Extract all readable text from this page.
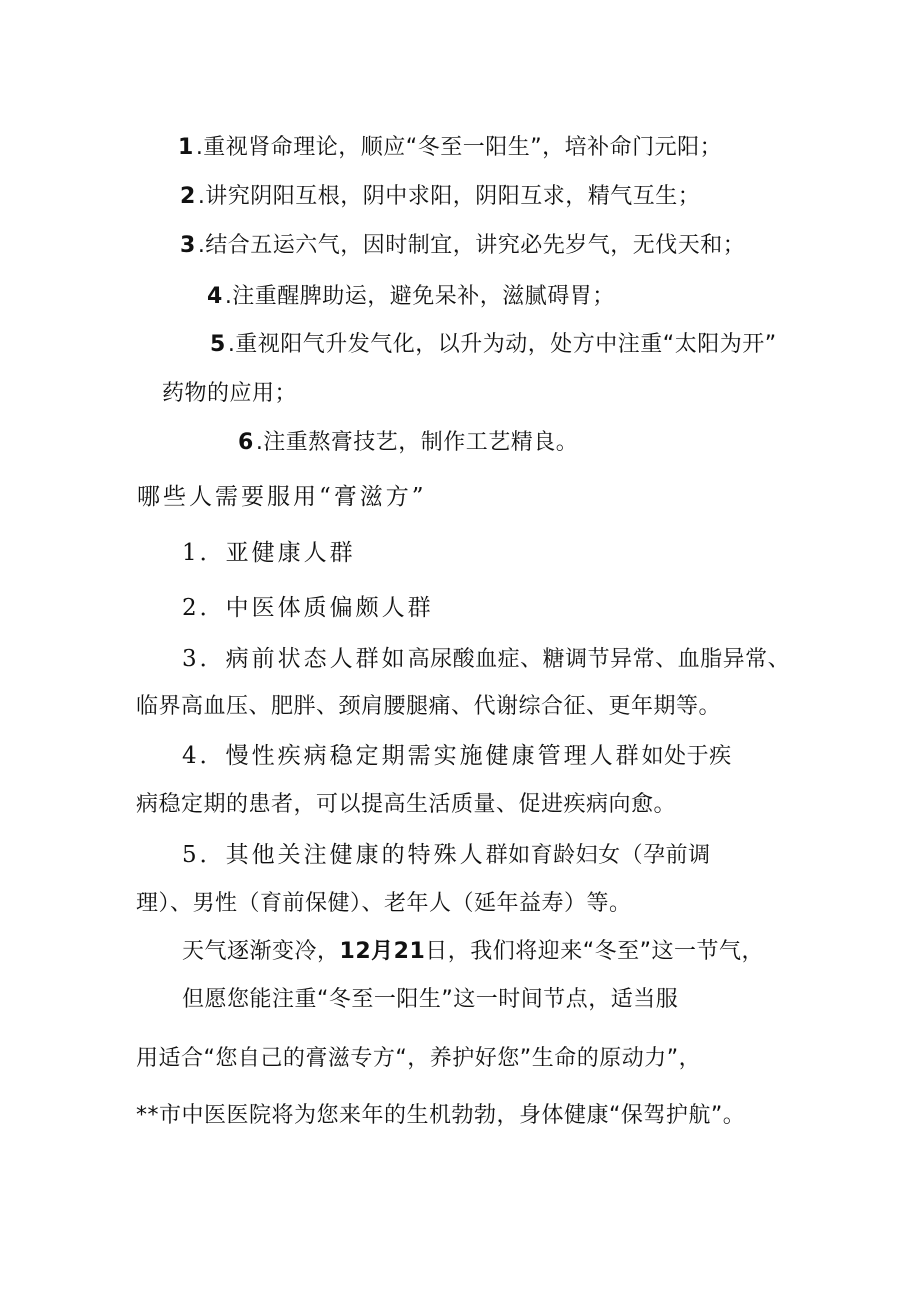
1.重视肾命理论，顺应“冬至一阳生”，培补命门元阳；
2.讲究阴阳互根，阴中求阳，阴阳互求，精气互生；
3.结合五运六气，因时制宜，讲究必先岁气，无伐天和；
4.注重醒脾助运，避免呆补，滋腻碍胃；
5.重视阳气升发气化，以升为动，处方中注重“太阳为开”
药物的应用；
6.注重熬膏技艺，制作工艺精良。
哪些人需要服用“膏滋方”
1．亚健康人群
2．中医体质偏颇人群
3．病前状态人群如高尿酸血症、糖调节异常、血脂异常、
临界高血压、肥胖、颈肩腰腿痛、代谢综合征、更年期等。
4．慢性疾病稳定期需实施健康管理人群如处于疾
病稳定期的患者，可以提高生活质量、促进疾病向愈。
5．其他关注健康的特殊人群如育龄妇女（孕前调
理）、男性（育前保健）、老年人（延年益寿）等。
天气逐渐变冷，12月21日，我们将迎来“冬至”这一节气，
但愿您能注重“冬至一阳生”这一时间节点，适当服
用适合“您自己的膏滋专方“，养护好您”生命的原动力”，
**市中医医院将为您来年的生机勃勃，身体健康“保驾护航”。
